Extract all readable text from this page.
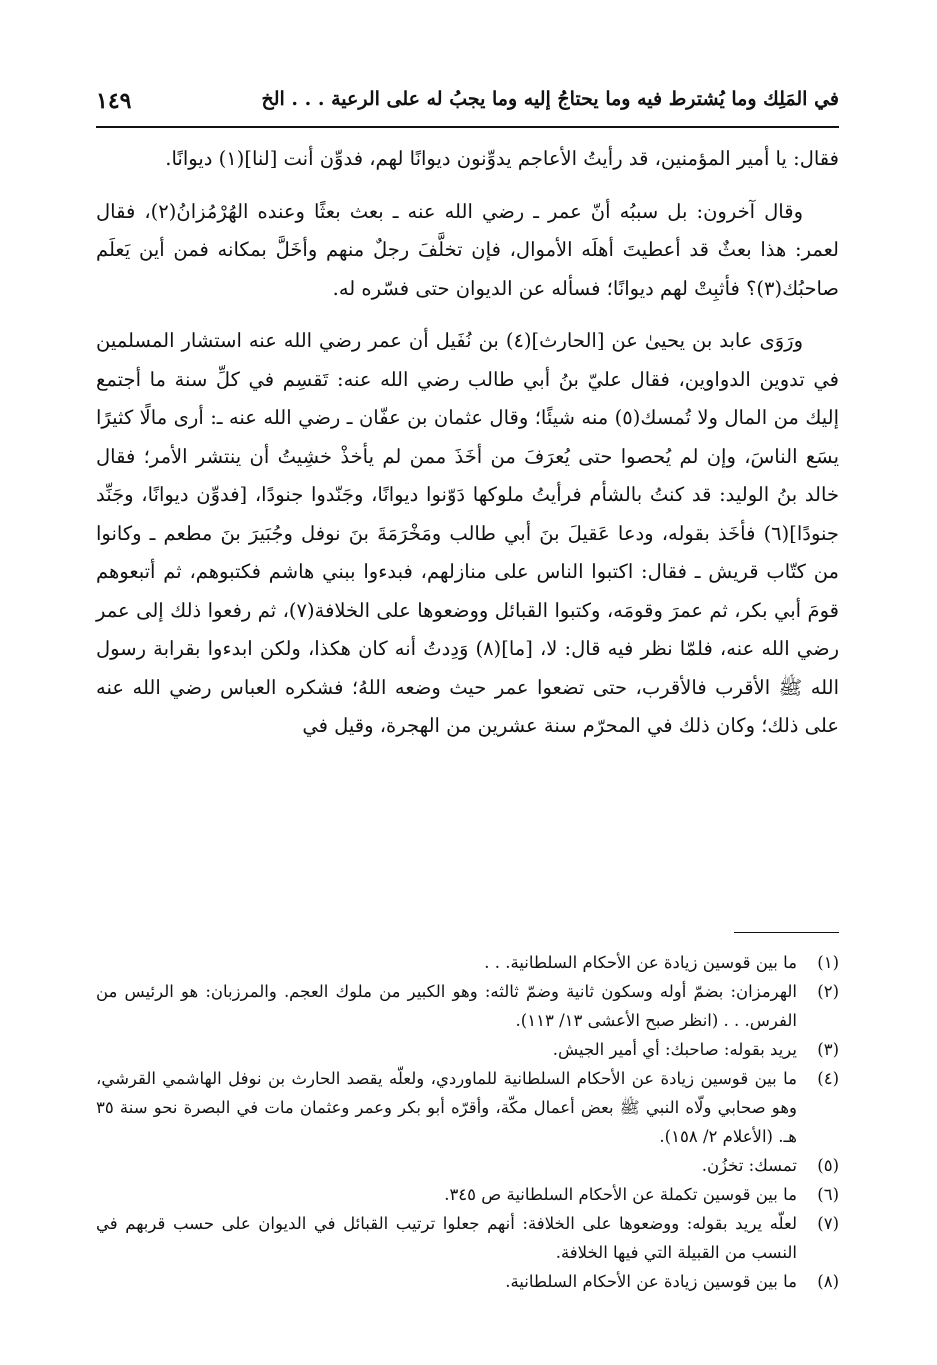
في المَلِك وما يُشترط فيه وما يحتاجُ إليه وما يجبُ له على الرعية . . . الخ
١٤٩

فقال: يا أمير المؤمنين، قد رأيتُ الأعاجم يدوِّنون ديوانًا لهم، فدوِّن أنت [لنا](١) ديوانًا.

وقال آخرون: بل سببُه أنّ عمر ـ رضي الله عنه ـ بعث بعثًا وعنده الهُرْمُزانُ(٢)، فقال لعمر: هذا بعثٌ قد أعطيتَ أهلَه الأموال، فإن تخلَّفَ رجلٌ منهم وأخَلَّ بمكانه فمن أين يَعلَم صاحبُك(٣)؟ فأثبِتْ لهم ديوانًا؛ فسأله عن الديوان حتى فسّره له.

ورَوَى عابد بن يحيىٰ عن [الحارث](٤) بن نُفَيل أن عمر رضي الله عنه استشار المسلمين في تدوين الدواوين، فقال عليّ بنُ أبي طالب رضي الله عنه: تَقسِم في كلِّ سنة ما أجتمع إليك من المال ولا تُمسك(٥) منه شيئًا؛ وقال عثمان بن عفّان ـ رضي الله عنه ـ: أرى مالًا كثيرًا يسَع الناسَ، وإن لم يُحصوا حتى يُعرَفَ من أخَذَ ممن لم يأخذْ خشِيتُ أن ينتشر الأمر؛ فقال خالد بنُ الوليد: قد كنتُ بالشأم فرأيتُ ملوكها دَوّنوا ديوانًا، وجَنّدوا جنودًا، [فدوِّن ديوانًا، وجَنِّد جنودًا](٦) فأخَذ بقوله، ودعا عَقيلَ بنَ أبي طالب ومَخْرَمَةَ بنَ نوفل وجُبَيرَ بنَ مطعم ـ وكانوا من كتّاب قريش ـ فقال: اكتبوا الناس على منازلهم، فبدءوا ببني هاشم فكتبوهم، ثم أتبعوهم قومَ أبي بكر، ثم عمرَ وقومَه، وكتبوا القبائل ووضعوها على الخلافة(٧)، ثم رفعوا ذلك إلى عمر رضي الله عنه، فلمّا نظر فيه قال: لا، [ما](٨) وَدِدتُ أنه كان هكذا، ولكن ابدءوا بقرابة رسول الله ﷺ الأقرب فالأقرب، حتى تضعوا عمر حيث وضعه اللهُ؛ فشكره العباس رضي الله عنه على ذلك؛ وكان ذلك في المحرّم سنة عشرين من الهجرة، وقيل في

(١)
ما بين قوسين زيادة عن الأحكام السلطانية. . .
(٢)
الهرمزان: بضمّ أوله وسكون ثانية وضمّ ثالثه: وهو الكبير من ملوك العجم. والمرزبان: هو الرئيس من الفرس. . . (انظر صبح الأعشى ١٣/ ١١٣).
(٣)
يريد بقوله: صاحبك: أي أمير الجيش.
(٤)
ما بين قوسين زيادة عن الأحكام السلطانية للماوردي، ولعلّه يقصد الحارث بن نوفل الهاشمي القرشي، وهو صحابي ولّاه النبي ﷺ بعض أعمال مكّة، وأقرّه أبو بكر وعمر وعثمان مات في البصرة نحو سنة ٣٥ هـ. (الأعلام ٢/ ١٥٨).
(٥)
تمسك: تخزُن.
(٦)
ما بين قوسين تكملة عن الأحكام السلطانية ص ٣٤٥.
(٧)
لعلّه يريد بقوله: ووضعوها على الخلافة: أنهم جعلوا ترتيب القبائل في الديوان على حسب قربهم في النسب من القبيلة التي فيها الخلافة.
(٨)
ما بين قوسين زيادة عن الأحكام السلطانية.
